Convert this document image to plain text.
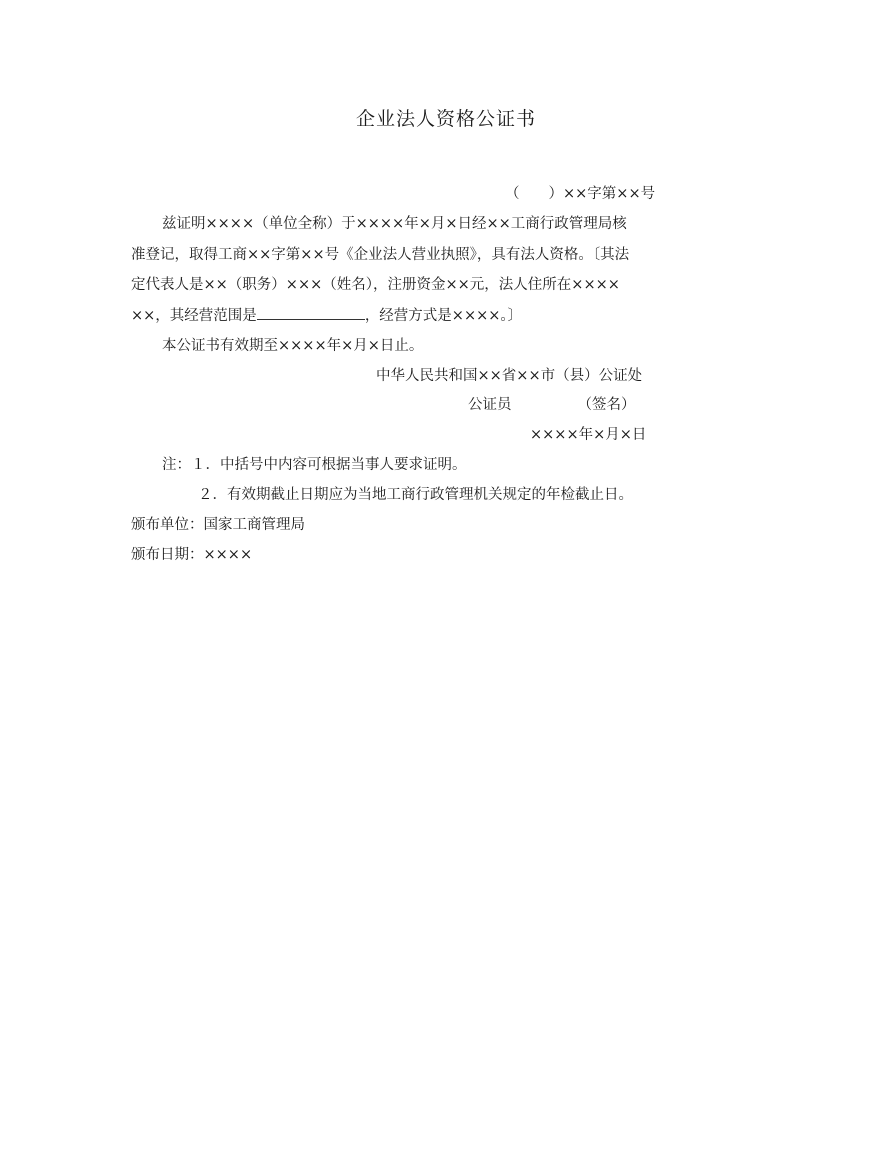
企业法人资格公证书
（　　）××字第××号
兹证明××××（单位全称）于××××年×月×日经××工商行政管理局核
准登记，取得工商××字第××号《企业法人营业执照》，具有法人资格。〔其法
定代表人是××（职务）×××（姓名），注册资金××元，法人住所在××××
××，其经营范围是	，经营方式是××××。〕
本公证书有效期至××××年×月×日止。
中华人民共和国××省××市（县）公证处
公证员	（签名）
××××年×月×日
注：１．中括号中内容可根据当事人要求证明。
２．有效期截止日期应为当地工商行政管理机关规定的年检截止日。
颁布单位：国家工商管理局
颁布日期：××××
